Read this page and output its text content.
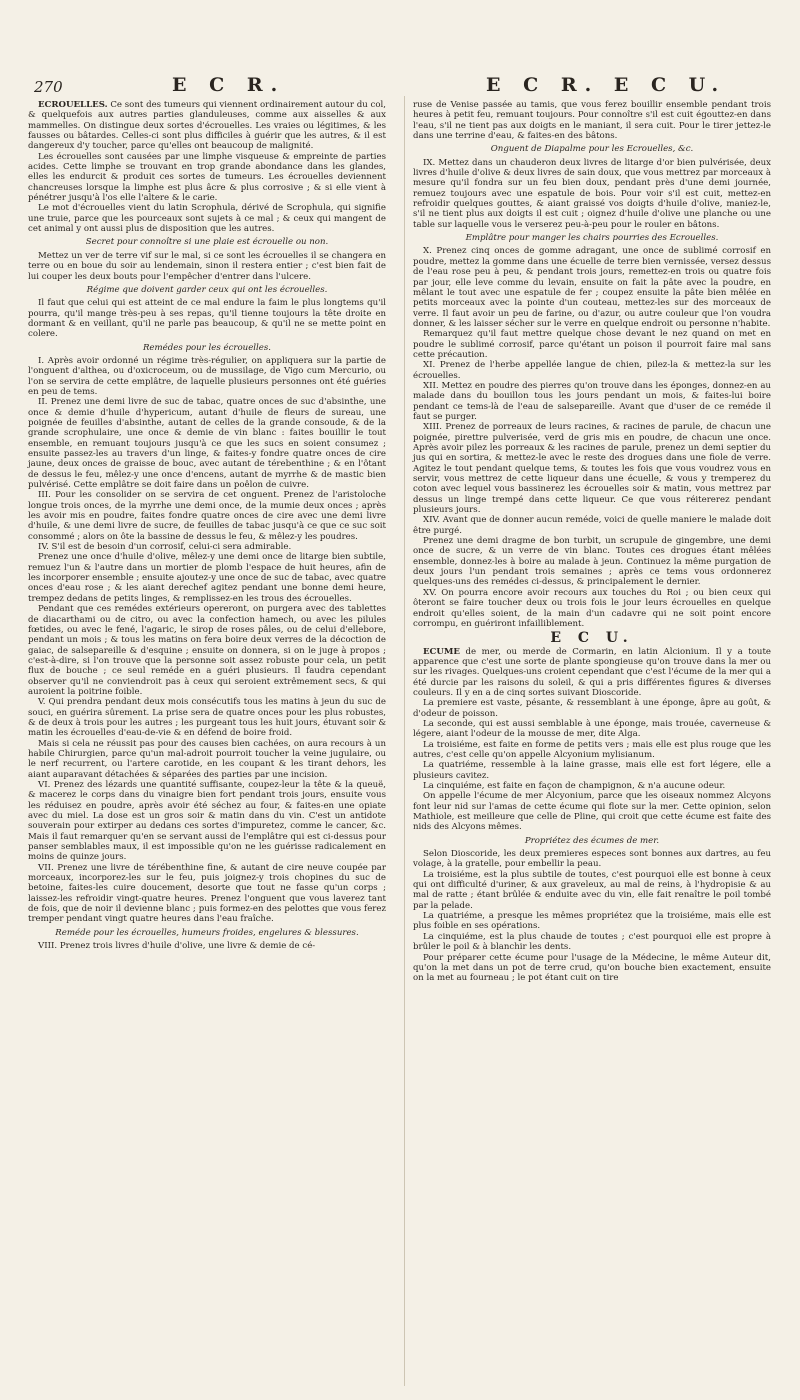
270	E C R.	E C R. E C U.

ECROUELLES. Ce sont des tumeurs qui viennent ordinairement autour du col, & quelquefois aux autres parties glanduleuses, comme aux aisselles & aux mammelles. On distingue deux sortes d'écrouelles. Les vraies ou légitimes, & les fausses ou bâtardes. Celles-ci sont plus difficiles à guérir que les autres, & il est dangereux d'y toucher, parce qu'elles ont beaucoup de malignité.

Les écrouelles sont causées par une limphe visqueuse & empreinte de parties acides. Cette limphe se trouvant en trop grande abondance dans les glandes, elles les endurcit & produit ces sortes de tumeurs. Les écrouelles deviennent chancreuses lorsque la limphe est plus âcre & plus corrosive ; & si elle vient à pénétrer jusqu'à l'os elle l'altere & le carie.

Le mot d'écrouelles vient du latin Scrophula, dérivé de Scrophula, qui signifie une truie, parce que les pourceaux sont sujets à ce mal ; & ceux qui mangent de cet animal y ont aussi plus de disposition que les autres.

Secret pour connoître si une plaie est écrouelle ou non.

Mettez un ver de terre vif sur le mal, si ce sont les écrouelles il se changera en terre ou en boue du soir au lendemain, sinon il restera entier ; c'est bien fait de lui couper les deux bouts pour l'empêcher d'entrer dans l'ulcere.

Régime que doivent garder ceux qui ont les écrouelles.

Il faut que celui qui est atteint de ce mal endure la faim le plus longtems qu'il pourra, qu'il mange très-peu à ses repas, qu'il tienne toujours la tête droite en dormant & en veillant, qu'il ne parle pas beaucoup, & qu'il ne se mette point en colere.

Remédes pour les écrouelles.

I. Après avoir ordonné un régime très-régulier, on appliquera sur la partie de l'onguent d'althea, ou d'oxicroceum, ou de mussilage, de Vigo cum Mercurio, ou l'on se servira de cette emplâtre, de laquelle plusieurs personnes ont été guéries en peu de tems.

II. Prenez une demi livre de suc de tabac, quatre onces de suc d'absinthe, une once & demie d'huile d'hypericum, autant d'huile de fleurs de sureau, une poignée de feuilles d'absinthe, autant de celles de la grande consoude, & de la grande scrophulaire, une once & demie de vin blanc : faites bouillir le tout ensemble, en remuant toujours jusqu'à ce que les sucs en soient consumez ; ensuite passez-les au travers d'un linge, & faites-y fondre quatre onces de cire jaune, deux onces de graisse de bouc, avec autant de térebenthine ; & en l'ôtant de dessus le feu, mêlez-y une once d'encens, autant de myrrhe & de mastic bien pulvérisé. Cette emplâtre se doit faire dans un poêlon de cuivre.

III. Pour les consolider on se servira de cet onguent. Prenez de l'aristoloche longue trois onces, de la myrrhe une demi once, de la mumie deux onces ; après les avoir mis en poudre, faites fondre quatre onces de cire avec une demi livre d'huile, & une demi livre de sucre, de feuilles de tabac jusqu'à ce que ce suc soit consommé ; alors on ôte la bassine de dessus le feu, & mêlez-y les poudres.

IV. S'il est de besoin d'un corrosif, celui-ci sera admirable.

Prenez une once d'huile d'olive, mêlez-y une demi once de litarge bien subtile, remuez l'un & l'autre dans un mortier de plomb l'espace de huit heures, afin de les incorporer ensemble ; ensuite ajoutez-y une once de suc de tabac, avec quatre onces d'eau rose ; & les aiant derechef agitez pendant une bonne demi heure, trempez dedans de petits linges, & remplissez-en les trous des écrouelles.

Pendant que ces remédes extérieurs opereront, on purgera avec des tablettes de diacarthami ou de citro, ou avec la confection hamech, ou avec les pilules fœtides, ou avec le fené, l'agaric, le sirop de roses pâles, ou de celui d'ellebore, pendant un mois ; & tous les matins on fera boire deux verres de la décoction de gaiac, de salsepareille & d'esquine ; ensuite on donnera, si on le juge à propos ; c'est-à-dire, si l'on trouve que la personne soit assez robuste pour cela, un petit flux de bouche ; ce seul reméde en a guéri plusieurs. Il faudra cependant observer qu'il ne conviendroit pas à ceux qui seroient extrêmement secs, & qui auroient la poitrine foible.

V. Qui prendra pendant deux mois consécutifs tous les matins à jeun du suc de souci, en guérira sûrement. La prise sera de quatre onces pour les plus robustes, & de deux à trois pour les autres ; les purgeant tous les huit jours, étuvant soir & matin les écrouelles d'eau-de-vie & en défend de boire froid.

Mais si cela ne réussit pas pour des causes bien cachées, on aura recours à un habile Chirurgien, parce qu'un mal-adroit pourroit toucher la veine jugulaire, ou le nerf recurrent, ou l'artere carotide, en les coupant & les tirant dehors, les aiant auparavant détachées & séparées des parties par une incision.

VI. Prenez des lézards une quantité suffisante, coupez-leur la tête & la queuë, & macerez le corps dans du vinaigre bien fort pendant trois jours, ensuite vous les réduisez en poudre, après avoir été séchez au four, & faites-en une opiate avec du miel. La dose est un gros soir & matin dans du vin. C'est un antidote souverain pour extirper au dedans ces sortes d'impuretez, comme le cancer, &c. Mais il faut remarquer qu'en se servant aussi de l'emplâtre qui est ci-dessus pour panser semblables maux, il est impossible qu'on ne les guérisse radicalement en moins de quinze jours.

VII. Prenez une livre de térébenthine fine, & autant de cire neuve coupée par morceaux, incorporez-les sur le feu, puis joignez-y trois chopines du suc de betoine, faites-les cuire doucement, desorte que tout ne fasse qu'un corps ; laissez-les refroidir vingt-quatre heures. Prenez l'onguent que vous laverez tant de fois, que de noir il devienne blanc ; puis formez-en des pelottes que vous ferez tremper pendant vingt quatre heures dans l'eau fraîche.

Reméde pour les écrouelles, humeurs froides, engelures & blessures.

VIII. Prenez trois livres d'huile d'olive, une livre & demie de cé-

ruse de Venise passée au tamis, que vous ferez bouillir ensemble pendant trois heures à petit feu, remuant toujours. Pour connoître s'il est cuit égouttez-en dans l'eau, s'il ne tient pas aux doigts en le maniant, il sera cuit. Pour le tirer jettez-le dans une terrine d'eau, & faites-en des bâtons.

Onguent de Diapalme pour les Ecrouelles, &c.

IX. Mettez dans un chauderon deux livres de litarge d'or bien pulvérisée, deux livres d'huile d'olive & deux livres de sain doux, que vous mettrez par morceaux à mesure qu'il fondra sur un feu bien doux, pendant près d'une demi journée, remuez toujours avec une espatule de bois. Pour voir s'il est cuit, mettez-en refroidir quelques gouttes, & aiant graissé vos doigts d'huile d'olive, maniez-le, s'il ne tient plus aux doigts il est cuit ; oignez d'huile d'olive une planche ou une table sur laquelle vous le verserez peu-à-peu pour le rouler en bâtons.

Emplâtre pour manger les chairs pourries des Ecrouelles.

X. Prenez cinq onces de gomme adragant, une once de sublimé corrosif en poudre, mettez la gomme dans une écuelle de terre bien vernissée, versez dessus de l'eau rose peu à peu, & pendant trois jours, remettez-en trois ou quatre fois par jour, elle leve comme du levain, ensuite on fait la pâte avec la poudre, en mêlant le tout avec une espatule de fer ; coupez ensuite la pâte bien mêlée en petits morceaux avec la pointe d'un couteau, mettez-les sur des morceaux de verre. Il faut avoir un peu de farine, ou d'azur, ou autre couleur que l'on voudra donner, & les laisser sécher sur le verre en quelque endroit ou personne n'habite.

Remarquez qu'il faut mettre quelque chose devant le nez quand on met en poudre le sublimé corrosif, parce qu'étant un poison il pourroit faire mal sans cette précaution.

XI. Prenez de l'herbe appellée langue de chien, pilez-la & mettez-la sur les écrouelles.

XII. Mettez en poudre des pierres qu'on trouve dans les éponges, donnez-en au malade dans du bouillon tous les jours pendant un mois, & faites-lui boire pendant ce tems-là de l'eau de salsepareille. Avant que d'user de ce reméde il faut se purger.

XIII. Prenez de porreaux de leurs racines, & racines de parule, de chacun une poignée, pirettre pulverisée, verd de gris mis en poudre, de chacun une once. Après avoir pilez les porreaux & les racines de parule, prenez un demi septier du jus qui en sortira, & mettez-le avec le reste des drogues dans une fiole de verre. Agitez le tout pendant quelque tems, & toutes les fois que vous voudrez vous en servir, vous mettrez de cette liqueur dans une écuelle, & vous y tremperez du coton avec lequel vous bassinerez les écrouelles soir & matin, vous mettrez par dessus un linge trempé dans cette liqueur. Ce que vous réitererez pendant plusieurs jours.

XIV. Avant que de donner aucun reméde, voici de quelle maniere le malade doit être purgé.

Prenez une demi dragme de bon turbit, un scrupule de gingembre, une demi once de sucre, & un verre de vin blanc. Toutes ces drogues étant mêlées ensemble, donnez-les à boire au malade à jeun. Continuez la même purgation de deux jours l'un pendant trois semaines ; après ce tems vous ordonnerez quelques-uns des remédes ci-dessus, & principalement le dernier.

XV. On pourra encore avoir recours aux touches du Roi ; ou bien ceux qui ôteront se faire toucher deux ou trois fois le jour leurs écrouelles en quelque endroit qu'elles soient, de la main d'un cadavre qui ne soit point encore corrompu, en guériront infailliblement.

E C U.

ECUME de mer, ou merde de Cormarin, en latin Alcionium. Il y a toute apparence que c'est une sorte de plante spongieuse qu'on trouve dans la mer ou sur les rivages. Quelques-uns croient cependant que c'est l'écume de la mer qui a été durcie par les raisons du soleil, & qui a pris différentes figures & diverses couleurs. Il y en a de cinq sortes suivant Dioscoride.

La premiere est vaste, pésante, & ressemblant à une éponge, âpre au goût, & d'odeur de poisson.

La seconde, qui est aussi semblable à une éponge, mais trouée, caverneuse & légere, aiant l'odeur de la mousse de mer, dite Alga.

La troisiéme, est faite en forme de petits vers ; mais elle est plus rouge que les autres, c'est celle qu'on appelle Alcyonium mylisianum.

La quatriéme, ressemble à la laine grasse, mais elle est fort légere, elle a plusieurs cavitez.

La cinquiéme, est faite en façon de champignon, & n'a aucune odeur.

On appelle l'écume de mer Alcyonium, parce que les oiseaux nommez Alcyons font leur nid sur l'amas de cette écume qui flote sur la mer. Cette opinion, selon Mathiole, est meilleure que celle de Pline, qui croit que cette écume est faite des nids des Alcyons mêmes.

Propriétez des écumes de mer.

Selon Dioscoride, les deux premieres especes sont bonnes aux dartres, au feu volage, à la gratelle, pour embellir la peau.

La troisiéme, est la plus subtile de toutes, c'est pourquoi elle est bonne à ceux qui ont difficulté d'uriner, & aux graveleux, au mal de reins, à l'hydropisie & au mal de ratte ; étant brûlée & enduite avec du vin, elle fait renaître le poil tombé par la pelade.

La quatriéme, a presque les mêmes propriétez que la troisiéme, mais elle est plus foible en ses opérations.

La cinquiéme, est la plus chaude de toutes ; c'est pourquoi elle est propre à brûler le poil & à blanchir les dents.

Pour préparer cette écume pour l'usage de la Médecine, le même Auteur dit, qu'on la met dans un pot de terre crud, qu'on bouche bien exactement, ensuite on la met au fourneau ; le pot étant cuit on tire
